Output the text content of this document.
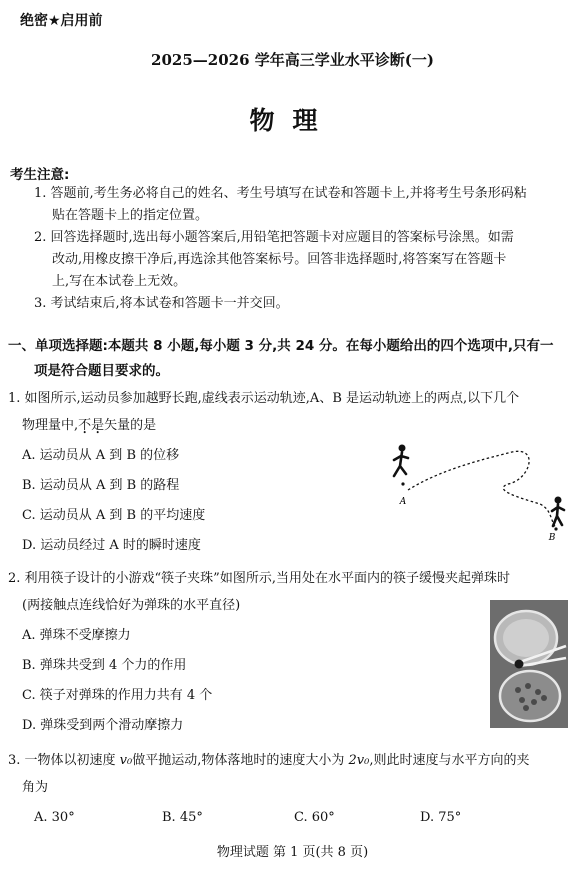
绝密★启用前
2025—2026 学年高三学业水平诊断(一)
物理
考生注意:
1. 答题前,考生务必将自己的姓名、考生号填写在试卷和答题卡上,并将考生号条形码粘
贴在答题卡上的指定位置。
2. 回答选择题时,选出每小题答案后,用铅笔把答题卡对应题目的答案标号涂黑。如需
改动,用橡皮擦干净后,再选涂其他答案标号。回答非选择题时,将答案写在答题卡
上,写在本试卷上无效。
3. 考试结束后,将本试卷和答题卡一并交回。
一、单项选择题:本题共 8 小题,每小题 3 分,共 24 分。在每小题给出的四个选项中,只有一
项是符合题目要求的。
1. 如图所示,运动员参加越野长跑,虚线表示运动轨迹,A、B 是运动轨迹上的两点,以下几个
物理量中,不是矢量的是
A. 运动员从 A 到 B 的位移
B. 运动员从 A 到 B 的路程
C. 运动员从 A 到 B 的平均速度
D. 运动员经过 A 时的瞬时速度
A
B
2. 利用筷子设计的小游戏“筷子夹珠”如图所示,当用处在水平面内的筷子缓慢夹起弹珠时
(两接触点连线恰好为弹珠的水平直径)
A. 弹珠不受摩擦力
B. 弹珠共受到 4 个力的作用
C. 筷子对弹珠的作用力共有 4 个
D. 弹珠受到两个滑动摩擦力
3. 一物体以初速度 v₀做平抛运动,物体落地时的速度大小为 2v₀,则此时速度与水平方向的夹
角为
A. 30°	B. 45°	C. 60°	D. 75°
物理试题 第 1 页(共 8 页)
